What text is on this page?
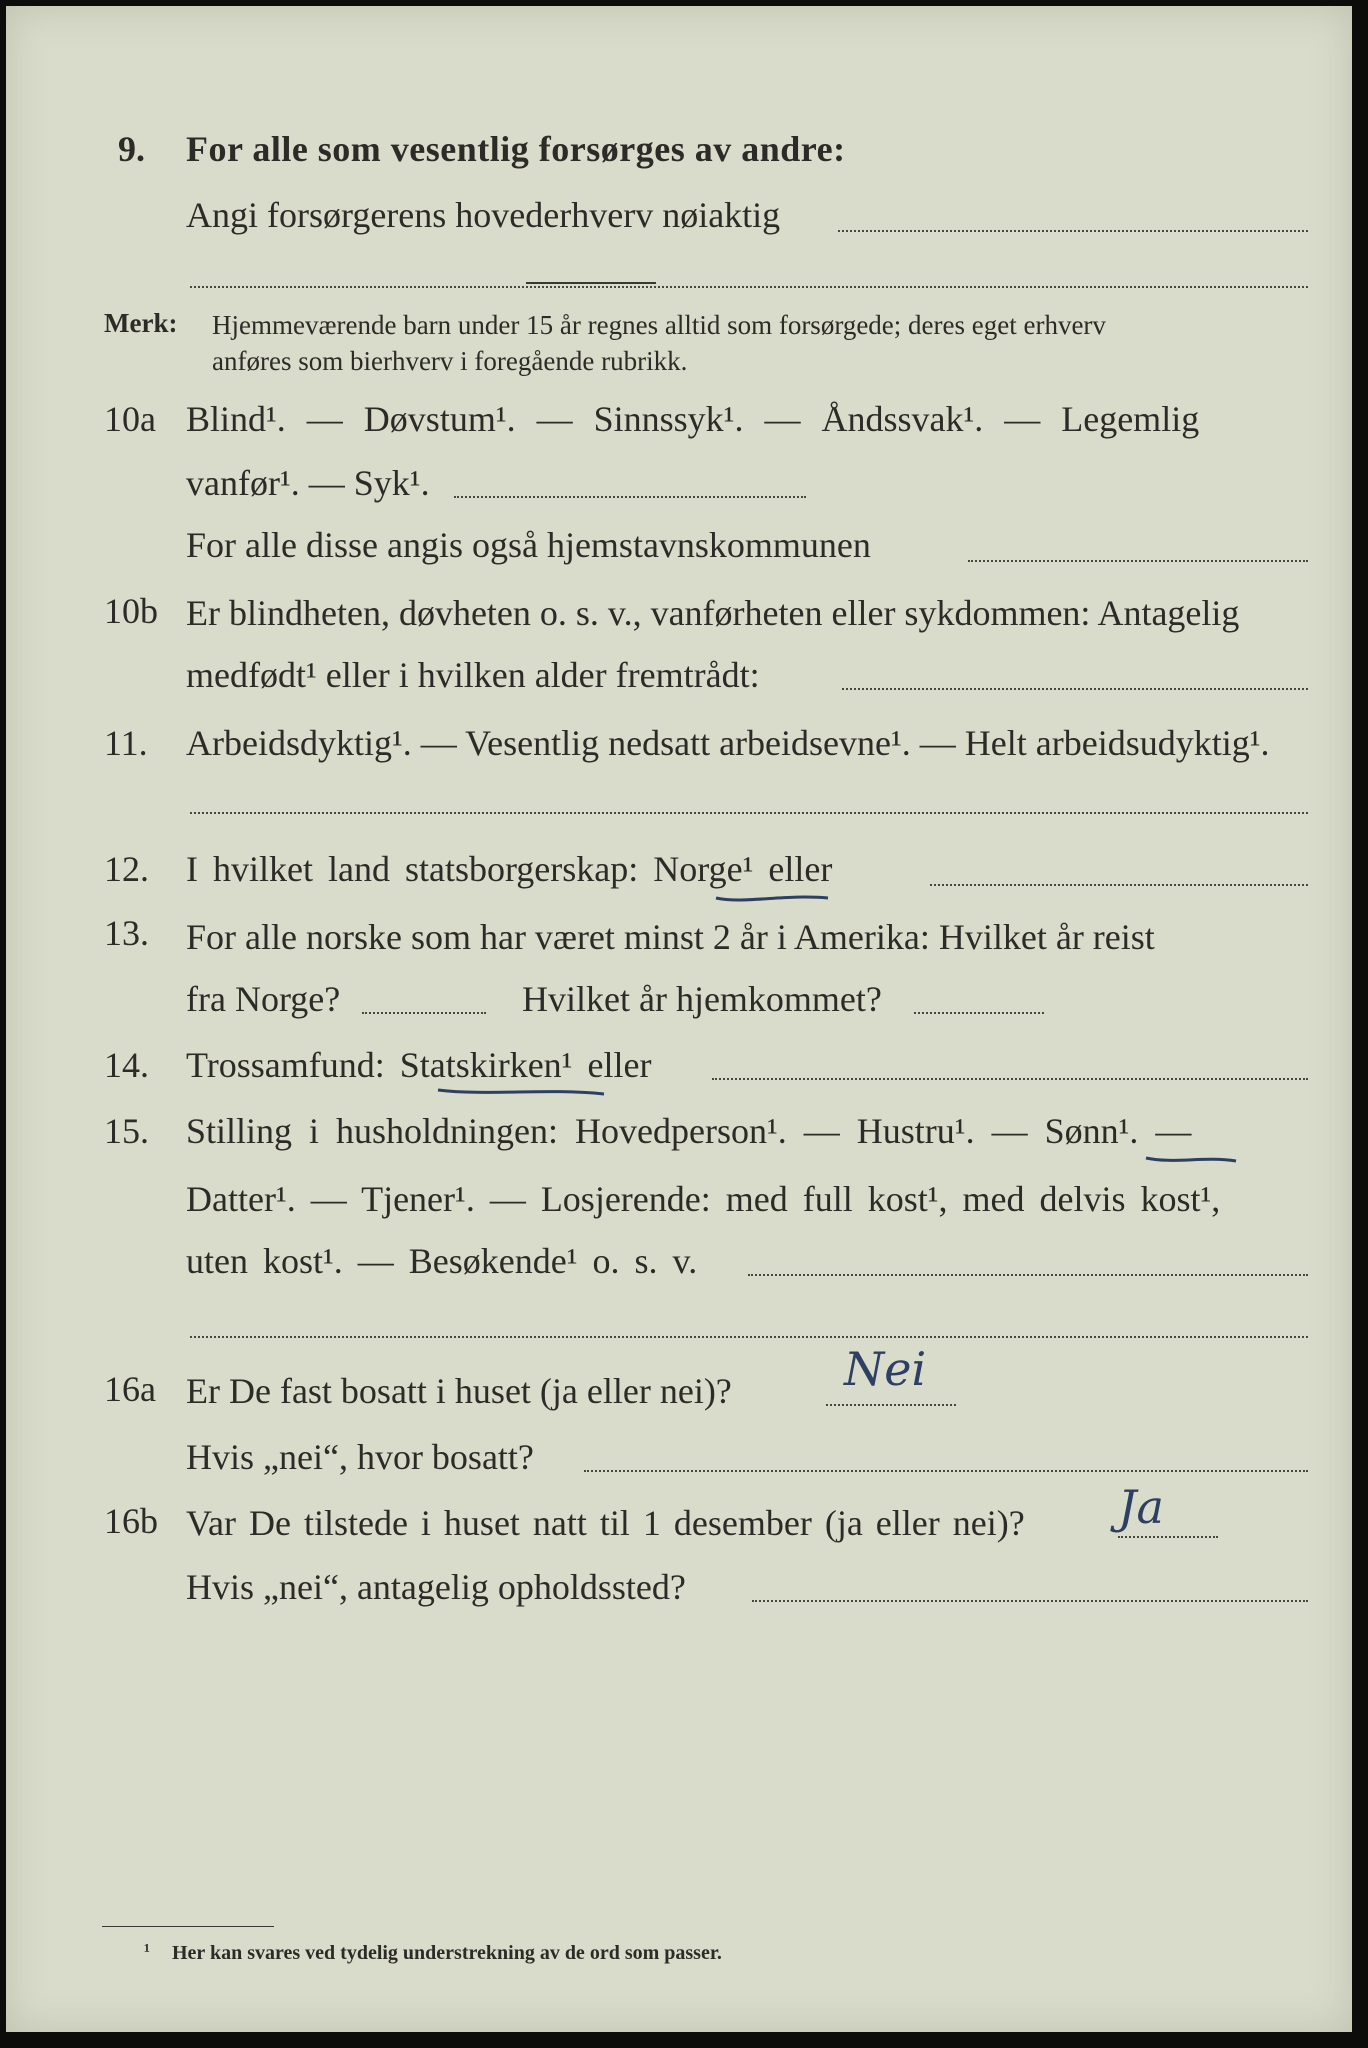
9. For alle som vesentlig forsørges av andre:
Angi forsørgerens hovederhverv nøiaktig
Merk: Hjemmeværende barn under 15 år regnes alltid som forsørgede; deres eget erhverv
anføres som bierhverv i foregående rubrikk.
10a Blind¹. — Døvstum¹. — Sinnssyk¹. — Åndssvak¹. — Legemlig
vanfør¹. — Syk¹.
For alle disse angis også hjemstavnskommunen
10b Er blindheten, døvheten o. s. v., vanførheten eller sykdommen: Antagelig
medfødt¹ eller i hvilken alder fremtrådt:
11. Arbeidsdyktig¹. — Vesentlig nedsatt arbeidsevne¹. — Helt arbeidsudyktig¹.
12. I hvilket land statsborgerskap: Norge¹ eller
13. For alle norske som har været minst 2 år i Amerika: Hvilket år reist
fra Norge?	Hvilket år hjemkommet?
14. Trossamfund: Statskirken¹ eller
15. Stilling i husholdningen: Hovedperson¹. — Hustru¹. — Sønn¹. —
Datter¹. — Tjener¹. — Losjerende: med full kost¹, med delvis kost¹,
uten kost¹. — Besøkende¹ o. s. v.
16a Er De fast bosatt i huset (ja eller nei)? Nei
Hvis „nei“, hvor bosatt?
16b Var De tilstede i huset natt til 1 desember (ja eller nei)? Ja
Hvis „nei“, antagelig opholdssted?
¹ Her kan svares ved tydelig understrekning av de ord som passer.
